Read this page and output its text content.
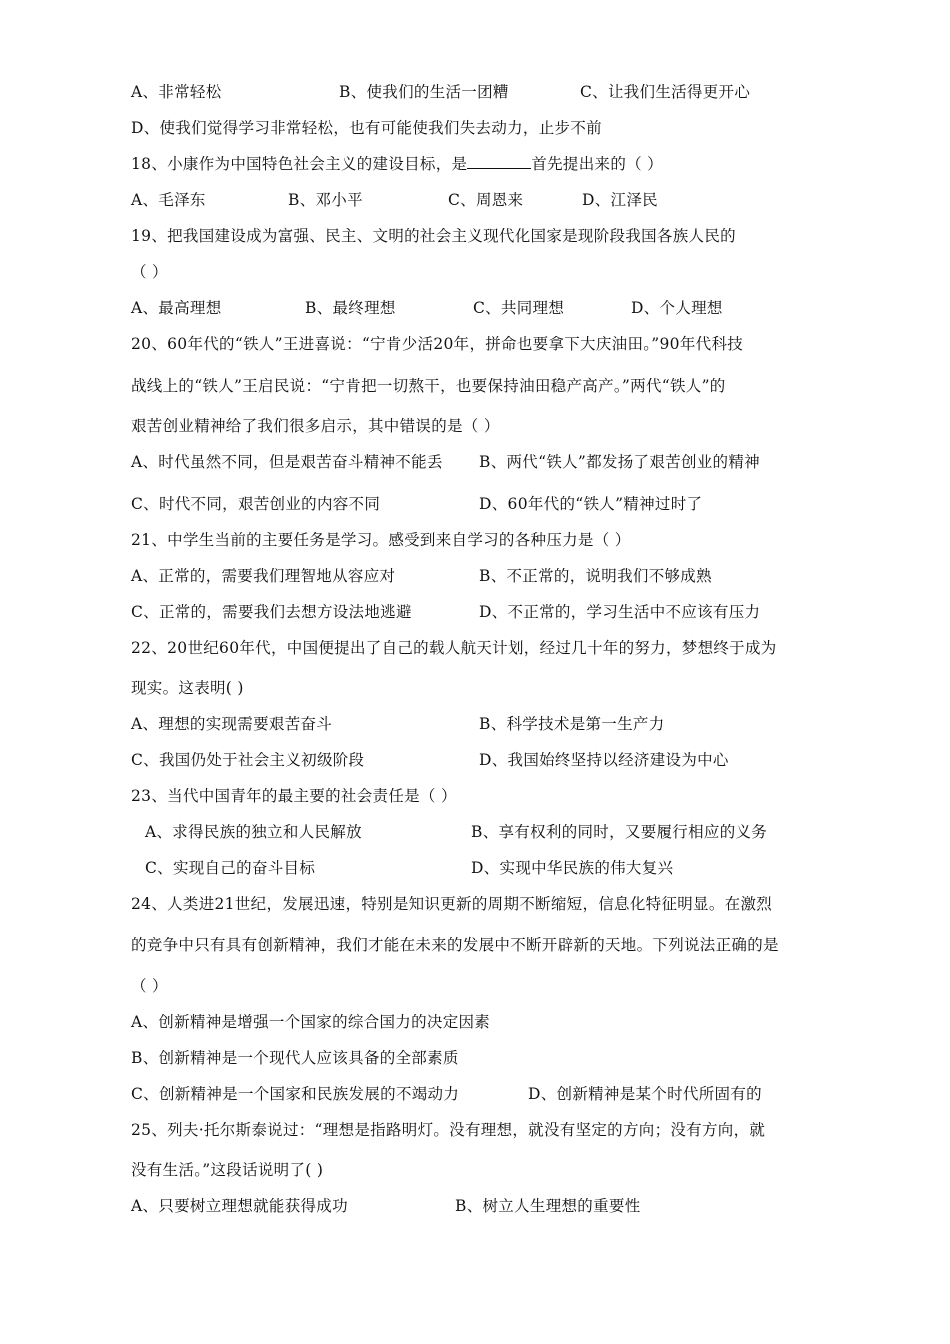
A、非常轻松	B、使我们的生活一团糟	C、让我们生活得更开心
D、使我们觉得学习非常轻松，也有可能使我们失去动力，止步不前
18、小康作为中国特色社会主义的建设目标，是	首先提出来的（ ）
A、毛泽东	B、邓小平	C、周恩来	D、江泽民
19、把我国建设成为富强、民主、文明的社会主义现代化国家是现阶段我国各族人民的
（ ）
A、最高理想	B、最终理想	C、共同理想	D、个人理想
20、60年代的“铁人”王进喜说：“宁肯少活20年，拼命也要拿下大庆油田。”90年代科技
战线上的“铁人”王启民说：“宁肯把一切熬干，也要保持油田稳产高产。”两代“铁人”的
艰苦创业精神给了我们很多启示，其中错误的是（ ）
A、时代虽然不同，但是艰苦奋斗精神不能丢 B、两代“铁人”都发扬了艰苦创业的精神
C、时代不同，艰苦创业的内容不同	D、60年代的“铁人”精神过时了
21、中学生当前的主要任务是学习。感受到来自学习的各种压力是（ ）
A、正常的，需要我们理智地从容应对	B、不正常的，说明我们不够成熟
C、正常的，需要我们去想方设法地逃避	D、不正常的，学习生活中不应该有压力
22、20世纪60年代，中国便提出了自己的载人航天计划，经过几十年的努力，梦想终于成为
现实。这表明( )
A、理想的实现需要艰苦奋斗	B、科学技术是第一生产力
C、我国仍处于社会主义初级阶段	D、我国始终坚持以经济建设为中心
23、当代中国青年的最主要的社会责任是（ ）
A、求得民族的独立和人民解放	B、享有权利的同时，又要履行相应的义务
C、实现自己的奋斗目标	D、实现中华民族的伟大复兴
24、人类进21世纪，发展迅速，特别是知识更新的周期不断缩短，信息化特征明显。在激烈
的竞争中只有具有创新精神，我们才能在未来的发展中不断开辟新的天地。下列说法正确的是
（ ）
A、创新精神是增强一个国家的综合国力的决定因素
B、创新精神是一个现代人应该具备的全部素质
C、创新精神是一个国家和民族发展的不竭动力	D、创新精神是某个时代所固有的
25、列夫·托尔斯泰说过：“理想是指路明灯。没有理想，就没有坚定的方向；没有方向，就
没有生活。”这段话说明了( )
A、只要树立理想就能获得成功	B、树立人生理想的重要性
